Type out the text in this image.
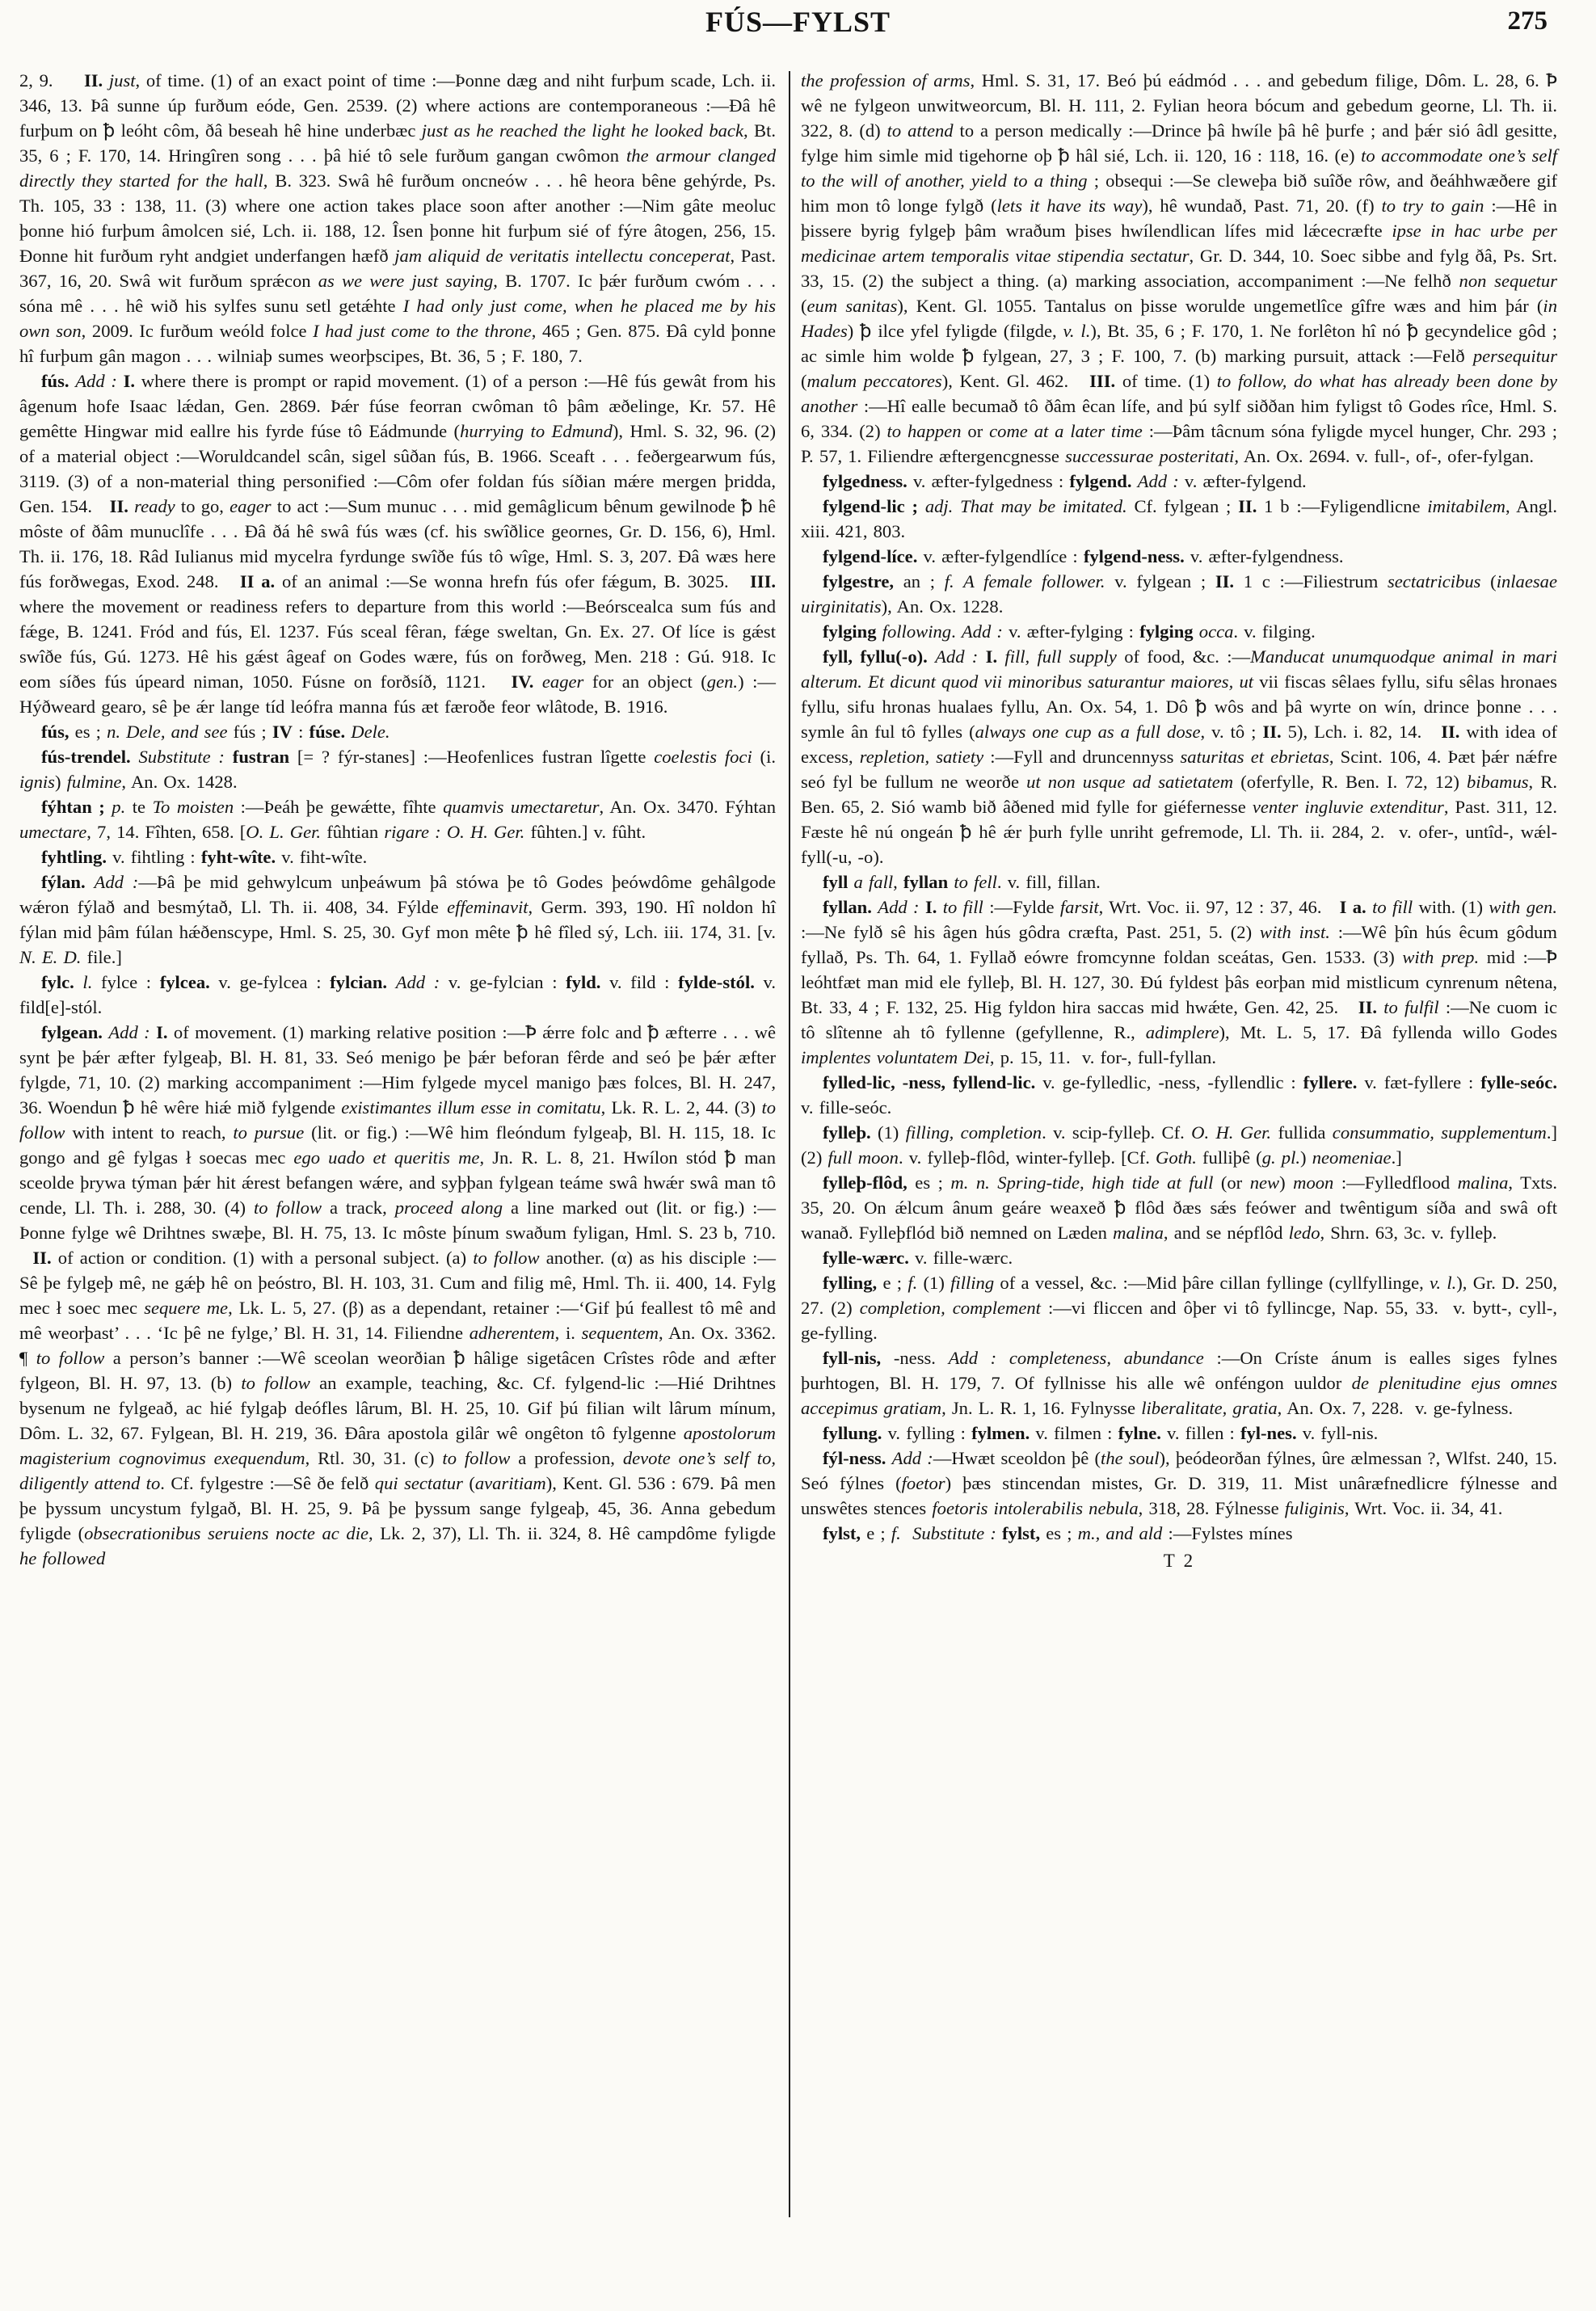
FÚS—FYLST	275

2, 9.     II. just, of time. (1) of an exact point of time :—Þonne dæg and niht furþum scade, Lch. ii. 346, 13. Þâ sunne úp furðum eóde, Gen. 2539. (2) where actions are contemporaneous :—Ðâ hê furþum on ꝥ leóht côm, ðâ beseah hê hine underbæc just as he reached the light he looked back, Bt. 35, 6 ; F. 170, 14. Hringîren song . . . þâ hié tô sele furðum gangan cwômon the armour clanged directly they started for the hall, B. 323. Swâ hê furðum oncneów . . . hê heora bêne gehýrde, Ps. Th. 105, 33 : 138, 11. (3) where one action takes place soon after another :—Nim gâte meoluc þonne hió furþum âmolcen sié, Lch. ii. 188, 12. Îsen þonne hit furþum sié of fýre âtogen, 256, 15. Ðonne hit furðum ryht andgiet underfangen hæfð jam aliquid de veritatis intellectu conceperat, Past. 367, 16, 20. Swâ wit furðum sprǽcon as we were just saying, B. 1707. Ic þǽr furðum cwóm . . . sóna mê . . . hê wið his sylfes sunu setl getǽhte I had only just come, when he placed me by his own son, 2009. Ic furðum weóld folce I had just come to the throne, 465 ; Gen. 875. Ðâ cyld þonne hî furþum gân magon . . . wilniaþ sumes weorþscipes, Bt. 36, 5 ; F. 180, 7.

fús. Add : I. where there is prompt or rapid movement. (1) of a person :—Hê fús gewât from his âgenum hofe Isaac lǽdan, Gen. 2869. Þǽr fúse feorran cwôman tô þâm æðelinge, Kr. 57. Hê gemêtte Hingwar mid eallre his fyrde fúse tô Eádmunde (hurrying to Edmund), Hml. S. 32, 96. (2) of a material object :—Woruldcandel scân, sigel sûðan fús, B. 1966. Sceaft . . . feðergearwum fús, 3119. (3) of a non-material thing personified :—Côm ofer foldan fús síðian mǽre mergen þridda, Gen. 154.   II. ready to go, eager to act :—Sum munuc . . . mid gemâglicum bênum gewilnode ꝥ hê môste of ðâm munuclîfe . . . Ðâ ðá hê swâ fús wæs (cf. his swîðlice geornes, Gr. D. 156, 6), Hml. Th. ii. 176, 18. Râd Iulianus mid mycelra fyrdunge swîðe fús tô wîge, Hml. S. 3, 207. Ðâ wæs here fús forðwegas, Exod. 248.   II a. of an animal :—Se wonna hrefn fús ofer fǽgum, B. 3025.   III. where the movement or readiness refers to departure from this world :—Beórscealca sum fús and fǽge, B. 1241. Fród and fús, El. 1237. Fús sceal fêran, fǽge sweltan, Gn. Ex. 27. Of líce is gǽst swîðe fús, Gú. 1273. Hê his gǽst âgeaf on Godes wære, fús on forðweg, Men. 218 : Gú. 918. Ic eom síðes fús úpeard niman, 1050. Fúsne on forðsíð, 1121.   IV. eager for an object (gen.) :—Hýðweard gearo, sê þe ǽr lange tíd leófra manna fús æt færoðe feor wlâtode, B. 1916.

fús, es ; n. Dele, and see fús ; IV : fúse. Dele.

fús-trendel. Substitute : fustran [= ? fýr-stanes] :—Heofenlices fustran lîgette coelestis foci (i. ignis) fulmine, An. Ox. 1428.

fýhtan ; p. te To moisten :—Þeáh þe gewǽtte, fîhte quamvis umectaretur, An. Ox. 3470. Fýhtan umectare, 7, 14. Fîhten, 658. [O. L. Ger. fûhtian rigare : O. H. Ger. fûhten.] v. fûht.

fyhtling. v. fihtling : fyht-wîte. v. fiht-wîte.

fýlan. Add :—Þâ þe mid gehwylcum unþeáwum þâ stówa þe tô Godes þeówdôme gehâlgode wǽron fýlað and besmýtað, Ll. Th. ii. 408, 34. Fýlde effeminavit, Germ. 393, 190. Hî noldon hî fýlan mid þâm fúlan hǽðenscype, Hml. S. 25, 30. Gyf mon mête ꝥ hê fîled sý, Lch. iii. 174, 31. [v. N. E. D. file.]

fylc. l. fylce : fylcea. v. ge-fylcea : fylcian. Add : v. ge-fylcian : fyld. v. fild : fylde-stól. v. fild[e]-stól.

fylgean. Add : I. of movement. (1) marking relative position :—Ꝥ ǽrre folc and ꝥ æfterre . . . wê synt þe þǽr æfter fylgeaþ, Bl. H. 81, 33. Seó menigo þe þǽr beforan fêrde and seó þe þǽr æfter fylgde, 71, 10. (2) marking accompaniment :—Him fylgede mycel manigo þæs folces, Bl. H. 247, 36. Woendun ꝥ hê wêre hiǽ mið fylgende existimantes illum esse in comitatu, Lk. R. L. 2, 44. (3) to follow with intent to reach, to pursue (lit. or fig.) :—Wê him fleóndum fylgeaþ, Bl. H. 115, 18. Ic gongo and gê fylgas ł soecas mec ego uado et queritis me, Jn. R. L. 8, 21. Hwílon stód ꝥ man sceolde þrywa týman þǽr hit ǽrest befangen wǽre, and syþþan fylgean teáme swâ hwǽr swâ man tô cende, Ll. Th. i. 288, 30. (4) to follow a track, proceed along a line marked out (lit. or fig.) :—Þonne fylge wê Drihtnes swæþe, Bl. H. 75, 13. Ic môste þínum swaðum fyligan, Hml. S. 23 b, 710.   II. of action or condition. (1) with a personal subject. (a) to follow another. (α) as his disciple :—Sê þe fylgeþ mê, ne gǽþ hê on þeóstro, Bl. H. 103, 31. Cum and filig mê, Hml. Th. ii. 400, 14. Fylg mec ł soec mec sequere me, Lk. L. 5, 27. (β) as a dependant, retainer :—‘Gif þú feallest tô mê and mê weorþast’ . . . ‘Ic þê ne fylge,’ Bl. H. 31, 14. Filiendne adherentem, i. sequentem, An. Ox. 3362. ¶ to follow a person’s banner :—Wê sceolan weorðian ꝥ hâlige sigetâcen Crîstes rôde and æfter fylgeon, Bl. H. 97, 13. (b) to follow an example, teaching, &c. Cf. fylgend-lic :—Hié Drihtnes bysenum ne fylgeað, ac hié fylgaþ deófles lârum, Bl. H. 25, 10. Gif þú filian wilt lârum mínum, Dôm. L. 32, 67. Fylgean, Bl. H. 219, 36. Ðâra apostola gilâr wê ongêton tô fylgenne apostolorum magisterium cognovimus exequendum, Rtl. 30, 31. (c) to follow a profession, devote one’s self to, diligently attend to. Cf. fylgestre :—Sê ðe felð qui sectatur (avaritiam), Kent. Gl. 536 : 679. Þâ men þe þyssum uncystum fylgað, Bl. H. 25, 9. Þâ þe þyssum sange fylgeaþ, 45, 36. Anna gebedum fyligde (obsecrationibus seruiens nocte ac die, Lk. 2, 37), Ll. Th. ii. 324, 8. Hê campdôme fyligde he followed

the profession of arms, Hml. S. 31, 17. Beó þú eádmód . . . and gebedum filige, Dôm. L. 28, 6. Ꝥ wê ne fylgeon unwitweorcum, Bl. H. 111, 2. Fylian heora bócum and gebedum georne, Ll. Th. ii. 322, 8. (d) to attend to a person medically :—Drince þâ hwíle þâ hê þurfe ; and þǽr sió âdl gesitte, fylge him simle mid tigehorne oþ ꝥ hâl sié, Lch. ii. 120, 16 : 118, 16. (e) to accommodate one’s self to the will of another, yield to a thing ; obsequi :—Se cleweþa bið suîðe rôw, and ðeáhhwæðere gif him mon tô longe fylgð (lets it have its way), hê wundað, Past. 71, 20. (f) to try to gain :—Hê in þissere byrig fylgeþ þâm wraðum þises hwílendlican lífes mid lǽcecræfte ipse in hac urbe per medicinae artem temporalis vitae stipendia sectatur, Gr. D. 344, 10. Soec sibbe and fylg ðâ, Ps. Srt. 33, 15. (2) the subject a thing. (a) marking association, accompaniment :—Ne felhð non sequetur (eum sanitas), Kent. Gl. 1055. Tantalus on þisse worulde ungemetlîce gîfre wæs and him þár (in Hades) ꝥ ilce yfel fyligde (filgde, v. l.), Bt. 35, 6 ; F. 170, 1. Ne forlêton hî nó ꝥ gecyndelice gôd ; ac simle him wolde ꝥ fylgean, 27, 3 ; F. 100, 7. (b) marking pursuit, attack :—Felð persequitur (malum peccatores), Kent. Gl. 462.   III. of time. (1) to follow, do what has already been done by another :—Hî ealle becumað tô ðâm êcan lífe, and þú sylf siððan him fyligst tô Godes rîce, Hml. S. 6, 334. (2) to happen or come at a later time :—Þâm tâcnum sóna fyligde mycel hunger, Chr. 293 ; P. 57, 1. Filiendre æftergencgnesse successurae posteritati, An. Ox. 2694. v. full-, of-, ofer-fylgan.

fylgedness. v. æfter-fylgedness : fylgend. Add : v. æfter-fylgend.

fylgend-lic ; adj. That may be imitated. Cf. fylgean ; II. 1 b :—Fyligendlicne imitabilem, Angl. xiii. 421, 803.

fylgend-líce. v. æfter-fylgendlíce : fylgend-ness. v. æfter-fylgendness.

fylgestre, an ; f. A female follower. v. fylgean ; II. 1 c :—Filiestrum sectatricibus (inlaesae uirginitatis), An. Ox. 1228.

fylging following. Add : v. æfter-fylging : fylging occa. v. filging.

fyll, fyllu(-o). Add : I. fill, full supply of food, &c. :—Manducat unumquodque animal in mari alterum. Et dicunt quod vii minoribus saturantur maiores, ut vii fiscas sêlaes fyllu, sifu sêlas hronaes fyllu, sifu hronas hualaes fyllu, An. Ox. 54, 1. Dô ꝥ wôs and þâ wyrte on wín, drince þonne . . . symle ân ful tô fylles (always one cup as a full dose, v. tô ; II. 5), Lch. i. 82, 14.   II. with idea of excess, repletion, satiety :—Fyll and druncennyss saturitas et ebrietas, Scint. 106, 4. Þæt þǽr nǽfre seó fyl be fullum ne weorðe ut non usque ad satietatem (oferfylle, R. Ben. I. 72, 12) bibamus, R. Ben. 65, 2. Sió wamb bið âðened mid fylle for giéfernesse venter ingluvie extenditur, Past. 311, 12. Fæste hê nú ongeán ꝥ hê ǽr þurh fylle unriht gefremode, Ll. Th. ii. 284, 2.  v. ofer-, untîd-, wǽl-fyll(-u, -o).

fyll a fall, fyllan to fell. v. fill, fillan.

fyllan. Add : I. to fill :—Fylde farsit, Wrt. Voc. ii. 97, 12 : 37, 46.   I a. to fill with. (1) with gen. :—Ne fylð sê his âgen hús gôdra cræfta, Past. 251, 5. (2) with inst. :—Wê þîn hús êcum gôdum fyllað, Ps. Th. 64, 1. Fyllað eówre fromcynne foldan sceátas, Gen. 1533. (3) with prep. mid :—Ꝥ leóhtfæt man mid ele fylleþ, Bl. H. 127, 30. Ðú fyldest þâs eorþan mid mistlicum cynrenum nêtena, Bt. 33, 4 ; F. 132, 25. Hig fyldon hira saccas mid hwǽte, Gen. 42, 25.   II. to fulfil :—Ne cuom ic tô slîtenne ah tô fyllenne (gefyllenne, R., adimplere), Mt. L. 5, 17. Ðâ fyllenda willo Godes implentes voluntatem Dei, p. 15, 11.  v. for-, full-fyllan.

fylled-lic, -ness, fyllend-lic. v. ge-fylledlic, -ness, -fyllendlic : fyllere. v. fæt-fyllere : fylle-seóc. v. fille-seóc.

fylleþ. (1) filling, completion. v. scip-fylleþ. Cf. O. H. Ger. fullida consummatio, supplementum.] (2) full moon. v. fylleþ-flôd, winter-fylleþ. [Cf. Goth. fulliþê (g. pl.) neomeniae.]

fylleþ-flôd, es ; m. n. Spring-tide, high tide at full (or new) moon :—Fylledflood malina, Txts. 35, 20. On ǽlcum ânum geáre weaxeð ꝥ flôd ðæs sǽs feówer and twêntigum síða and swâ oft wanað. Fylleþflód bið nemned on Læden malina, and se népflôd ledo, Shrn. 63, 3c. v. fylleþ.

fylle-wærc. v. fille-wærc.

fylling, e ; f. (1) filling of a vessel, &c. :—Mid þâre cillan fyllinge (cyllfyllinge, v. l.), Gr. D. 250, 27. (2) completion, complement :—vi fliccen and ôþer vi tô fyllincge, Nap. 55, 33.  v. bytt-, cyll-, ge-fylling.

fyll-nis, -ness. Add : completeness, abundance :—On Críste ánum is ealles siges fylnes þurhtogen, Bl. H. 179, 7. Of fyllnisse his alle wê onféngon uuldor de plenitudine ejus omnes accepimus gratiam, Jn. L. R. 1, 16. Fylnysse liberalitate, gratia, An. Ox. 7, 228.  v. ge-fylness.

fyllung. v. fylling : fylmen. v. filmen : fylne. v. fillen : fyl-nes. v. fyll-nis.

fýl-ness. Add :—Hwæt sceoldon þê (the soul), þeódeorðan fýlnes, ûre ælmessan ?, Wlfst. 240, 15. Seó fýlnes (foetor) þæs stincendan mistes, Gr. D. 319, 11. Mist unâræfnedlicre fýlnesse and unswêtes stences foetoris intolerabilis nebula, 318, 28. Fýlnesse fuliginis, Wrt. Voc. ii. 34, 41.

fylst, e ; f. Substitute : fylst, es ; m., and ald :—Fylstes mínes

T 2
